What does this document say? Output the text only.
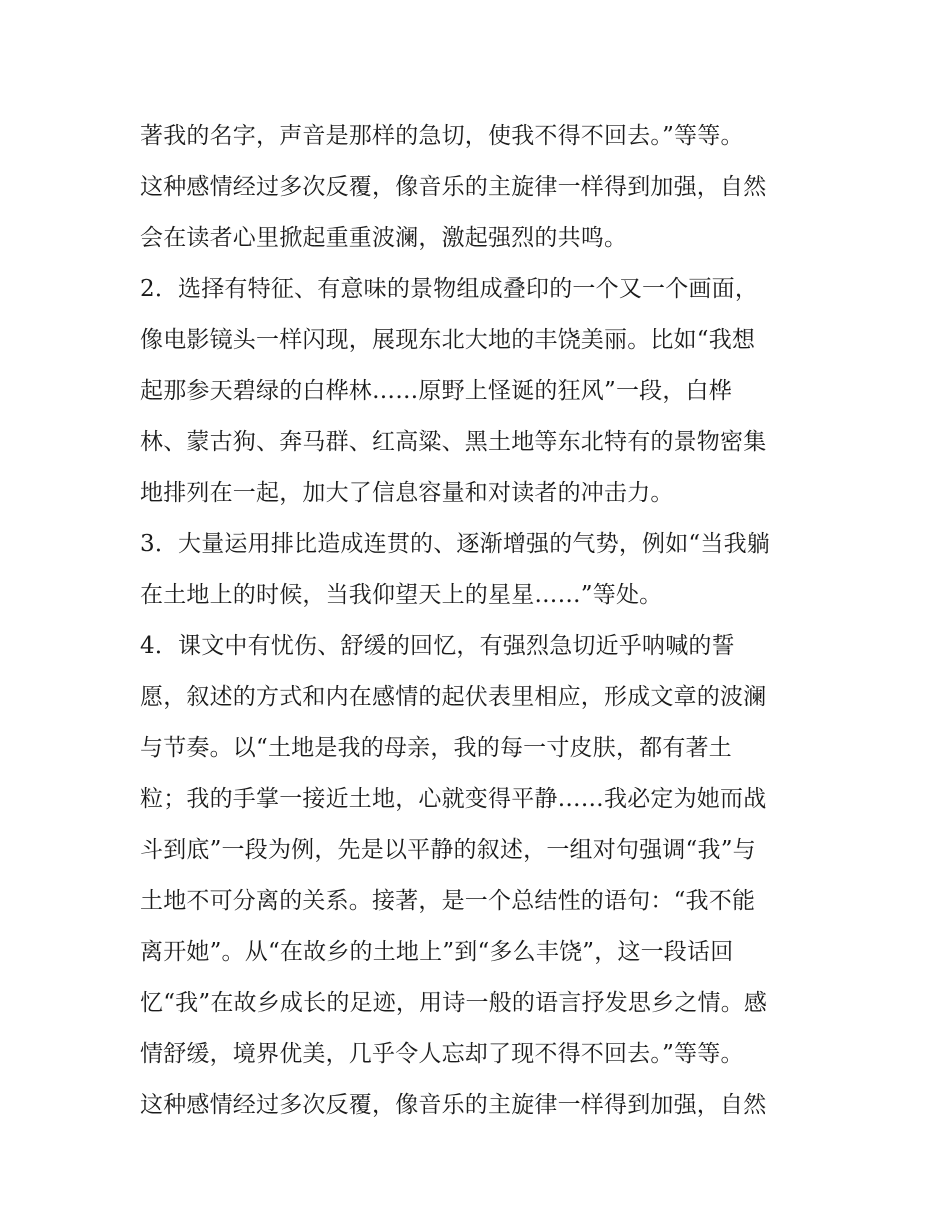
著我的名字，声音是那样的急切，使我不得不回去。”等等。
这种感情经过多次反覆，像音乐的主旋律一样得到加强，自然
会在读者心里掀起重重波澜，激起强烈的共鸣。
2．选择有特征、有意味的景物组成叠印的一个又一个画面，
像电影镜头一样闪现，展现东北大地的丰饶美丽。比如“我想
起那参天碧绿的白桦林……原野上怪诞的狂风”一段，白桦
林、蒙古狗、奔马群、红高粱、黑土地等东北特有的景物密集
地排列在一起，加大了信息容量和对读者的冲击力。
3．大量运用排比造成连贯的、逐渐增强的气势，例如“当我躺
在土地上的时候，当我仰望天上的星星……”等处。
4．课文中有忧伤、舒缓的回忆，有强烈急切近乎呐喊的誓
愿，叙述的方式和内在感情的起伏表里相应，形成文章的波澜
与节奏。以“土地是我的母亲，我的每一寸皮肤，都有著土
粒；我的手掌一接近土地，心就变得平静……我必定为她而战
斗到底”一段为例，先是以平静的叙述，一组对句强调“我”与
土地不可分离的关系。接著，是一个总结性的语句：“我不能
离开她”。从“在故乡的土地上”到“多么丰饶”，这一段话回
忆“我”在故乡成长的足迹，用诗一般的语言抒发思乡之情。感
情舒缓，境界优美，几乎令人忘却了现不得不回去。”等等。
这种感情经过多次反覆，像音乐的主旋律一样得到加强，自然
